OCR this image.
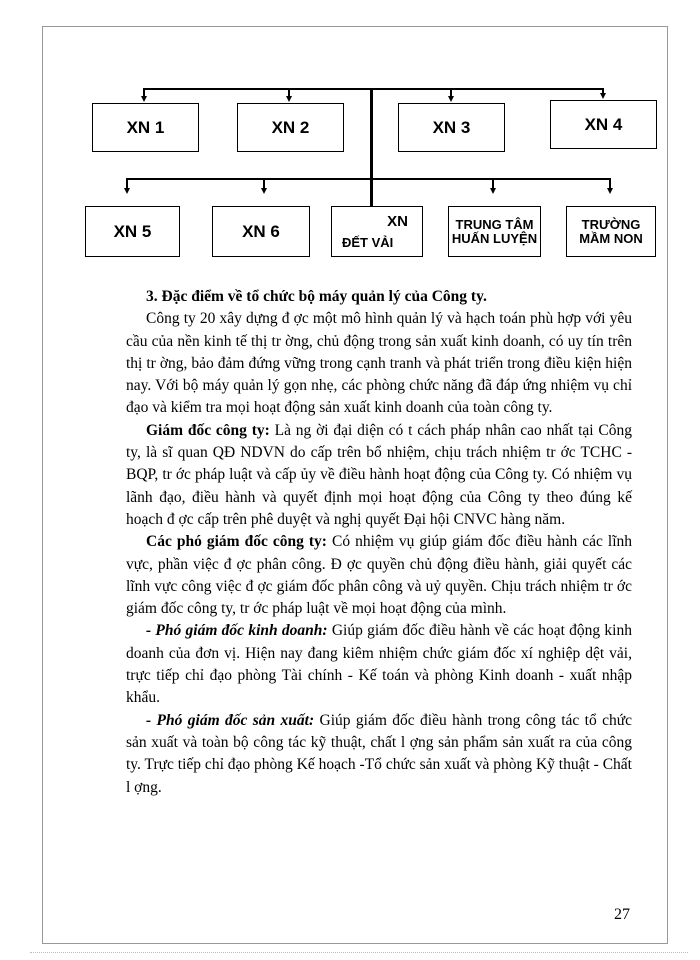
XN 1	XN 2	XN 3	XN 4
XN 5	XN 6	XN
ĐẾT VẢI
TRUNG TÂM
HUẤN LUYỆN
TRƯỜNG
MẦM NON

3. Đặc điểm về tổ chức bộ máy quản lý của Công ty.

Công ty 20 xây dựng đ ợc một mô hình quản lý và hạch toán phù hợp với yêu cầu của nền kinh tế thị tr ờng, chủ động trong sản xuất kinh doanh, có uy tín trên thị tr ờng, bảo đảm đứng vững trong cạnh tranh và phát triển trong điều kiện hiện nay. Với bộ máy quản lý gọn nhẹ, các phòng chức năng đã đáp ứng nhiệm vụ chỉ đạo và kiểm tra mọi hoạt động sản xuất kinh doanh của toàn công ty.

Giám đốc công ty: Là ng ời đại diện có t cách pháp nhân cao nhất tại Công ty, là sĩ quan QĐ NDVN do cấp trên bổ nhiệm, chịu trách nhiệm tr ớc TCHC - BQP, tr ớc pháp luật và cấp ủy về điều hành hoạt động của Công ty. Có nhiệm vụ lãnh đạo, điều hành và quyết định mọi hoạt động của Công ty theo đúng kế hoạch đ ợc cấp trên phê duyệt và nghị quyết Đại hội CNVC hàng năm.

Các phó giám đốc công ty: Có nhiệm vụ giúp giám đốc điều hành các lĩnh vực, phần việc đ ợc phân công. Đ ợc quyền chủ động điều hành, giải quyết các lĩnh vực công việc đ ợc giám đốc phân công và uỷ quyền. Chịu trách nhiệm tr ớc giám đốc công ty, tr ớc pháp luật về mọi hoạt động của mình.

- Phó giám đốc kinh doanh: Giúp giám đốc điều hành về các hoạt động kinh doanh của đơn vị. Hiện nay đang kiêm nhiệm chức giám đốc xí nghiệp dệt vải, trực tiếp chỉ đạo phòng Tài chính - Kế toán và phòng Kinh doanh - xuất nhập khẩu.

- Phó giám đốc sản xuất: Giúp giám đốc điều hành trong công tác tổ chức sản xuất và toàn bộ công tác kỹ thuật, chất l ợng sản phẩm sản xuất ra của công ty. Trực tiếp chỉ đạo phòng Kế hoạch -Tổ chức sản xuất và phòng Kỹ thuật - Chất l ợng.

27
